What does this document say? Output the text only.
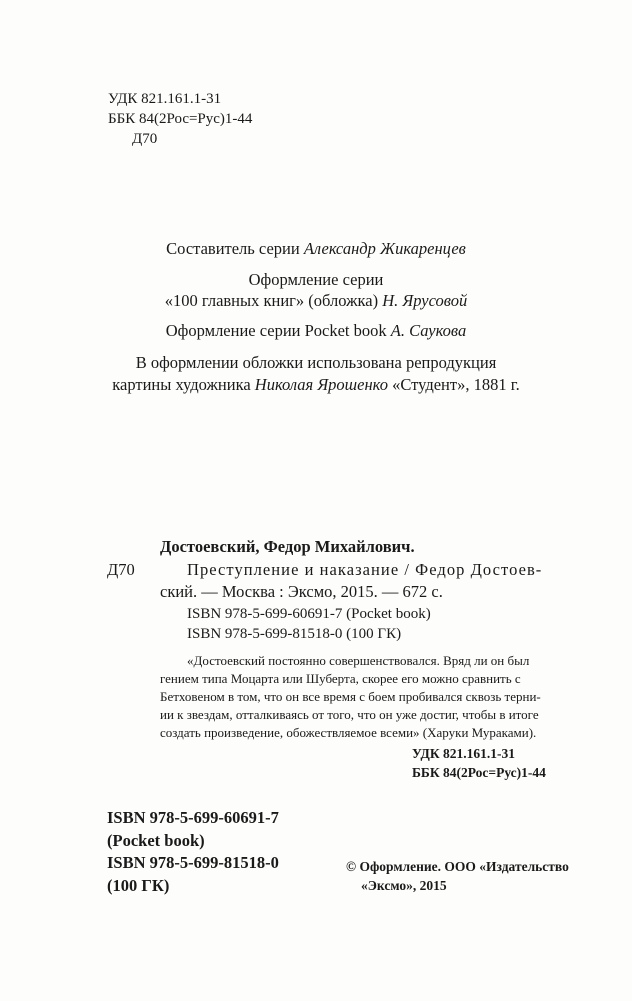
УДК 821.161.1-31
ББК 84(2Рос=Рус)1-44
Д70
Составитель серии Александр Жикаренцев
Оформление серии
«100 главных книг» (обложка) Н. Ярусовой
Оформление серии Pocket book А. Саукова
В оформлении обложки использована репродукция
картины художника Николая Ярошенко «Студент», 1881 г.
Достоевский, Федор Михайлович.
Д70	Преступление и наказание / Федор Достоев-
ский. — Москва : Эксмо, 2015. — 672 с.
ISBN 978-5-699-60691-7 (Pocket book)
ISBN 978-5-699-81518-0 (100 ГК)
«Достоевский постоянно совершенствовался. Вряд ли он был
гением типа Моцарта или Шуберта, скорее его можно сравнить с
Бетховеном в том, что он все время с боем пробивался сквозь терни-
ии к звездам, отталкиваясь от того, что он уже достиг, чтобы в итоге
создать произведение, обожествляемое всеми» (Харуки Мураками).
УДК 821.161.1-31
ББК 84(2Рос=Рус)1-44
ISBN 978-5-699-60691-7
(Pocket book)
ISBN 978-5-699-81518-0
(100 ГК)
© Оформление. ООО «Издательство
«Эксмо», 2015
